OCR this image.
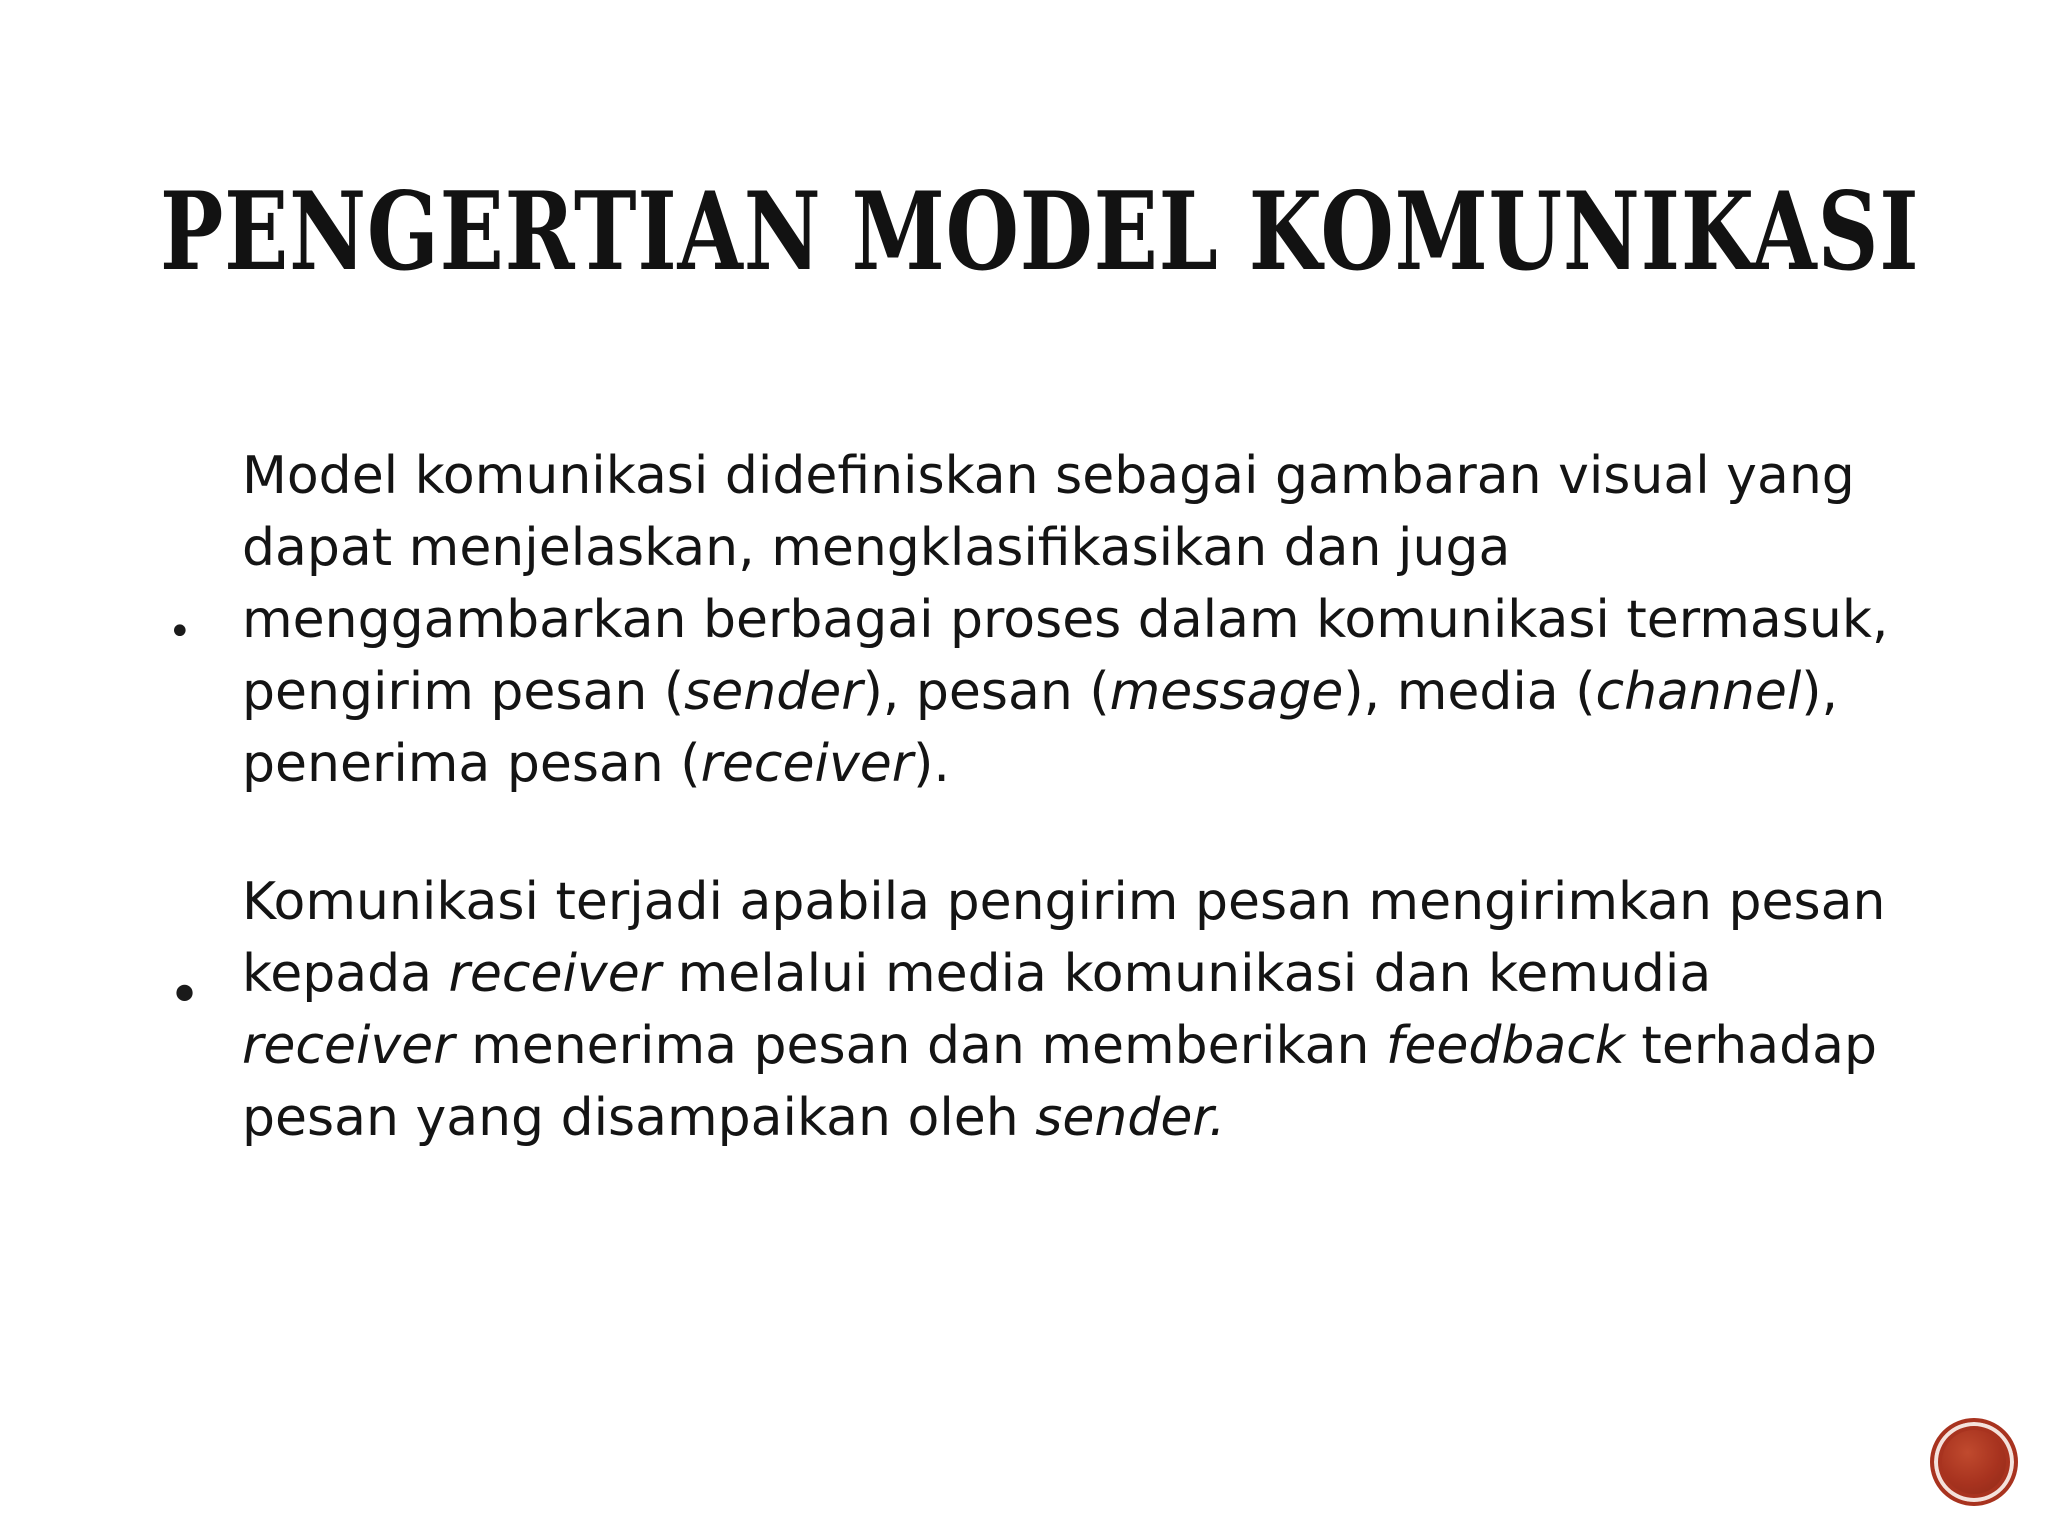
PENGERTIAN MODEL KOMUNIKASI
•
Model komunikasi didefiniskan sebagai gambaran visual yang dapat menjelaskan, mengklasifikasikan dan juga menggambarkan berbagai proses dalam komunikasi termasuk, pengirim pesan (sender), pesan (message), media (channel), penerima pesan (receiver).
•
Komunikasi terjadi apabila pengirim pesan mengirimkan pesan kepada receiver melalui media komunikasi dan kemudia receiver menerima pesan dan memberikan feedback terhadap pesan yang disampaikan oleh sender.
